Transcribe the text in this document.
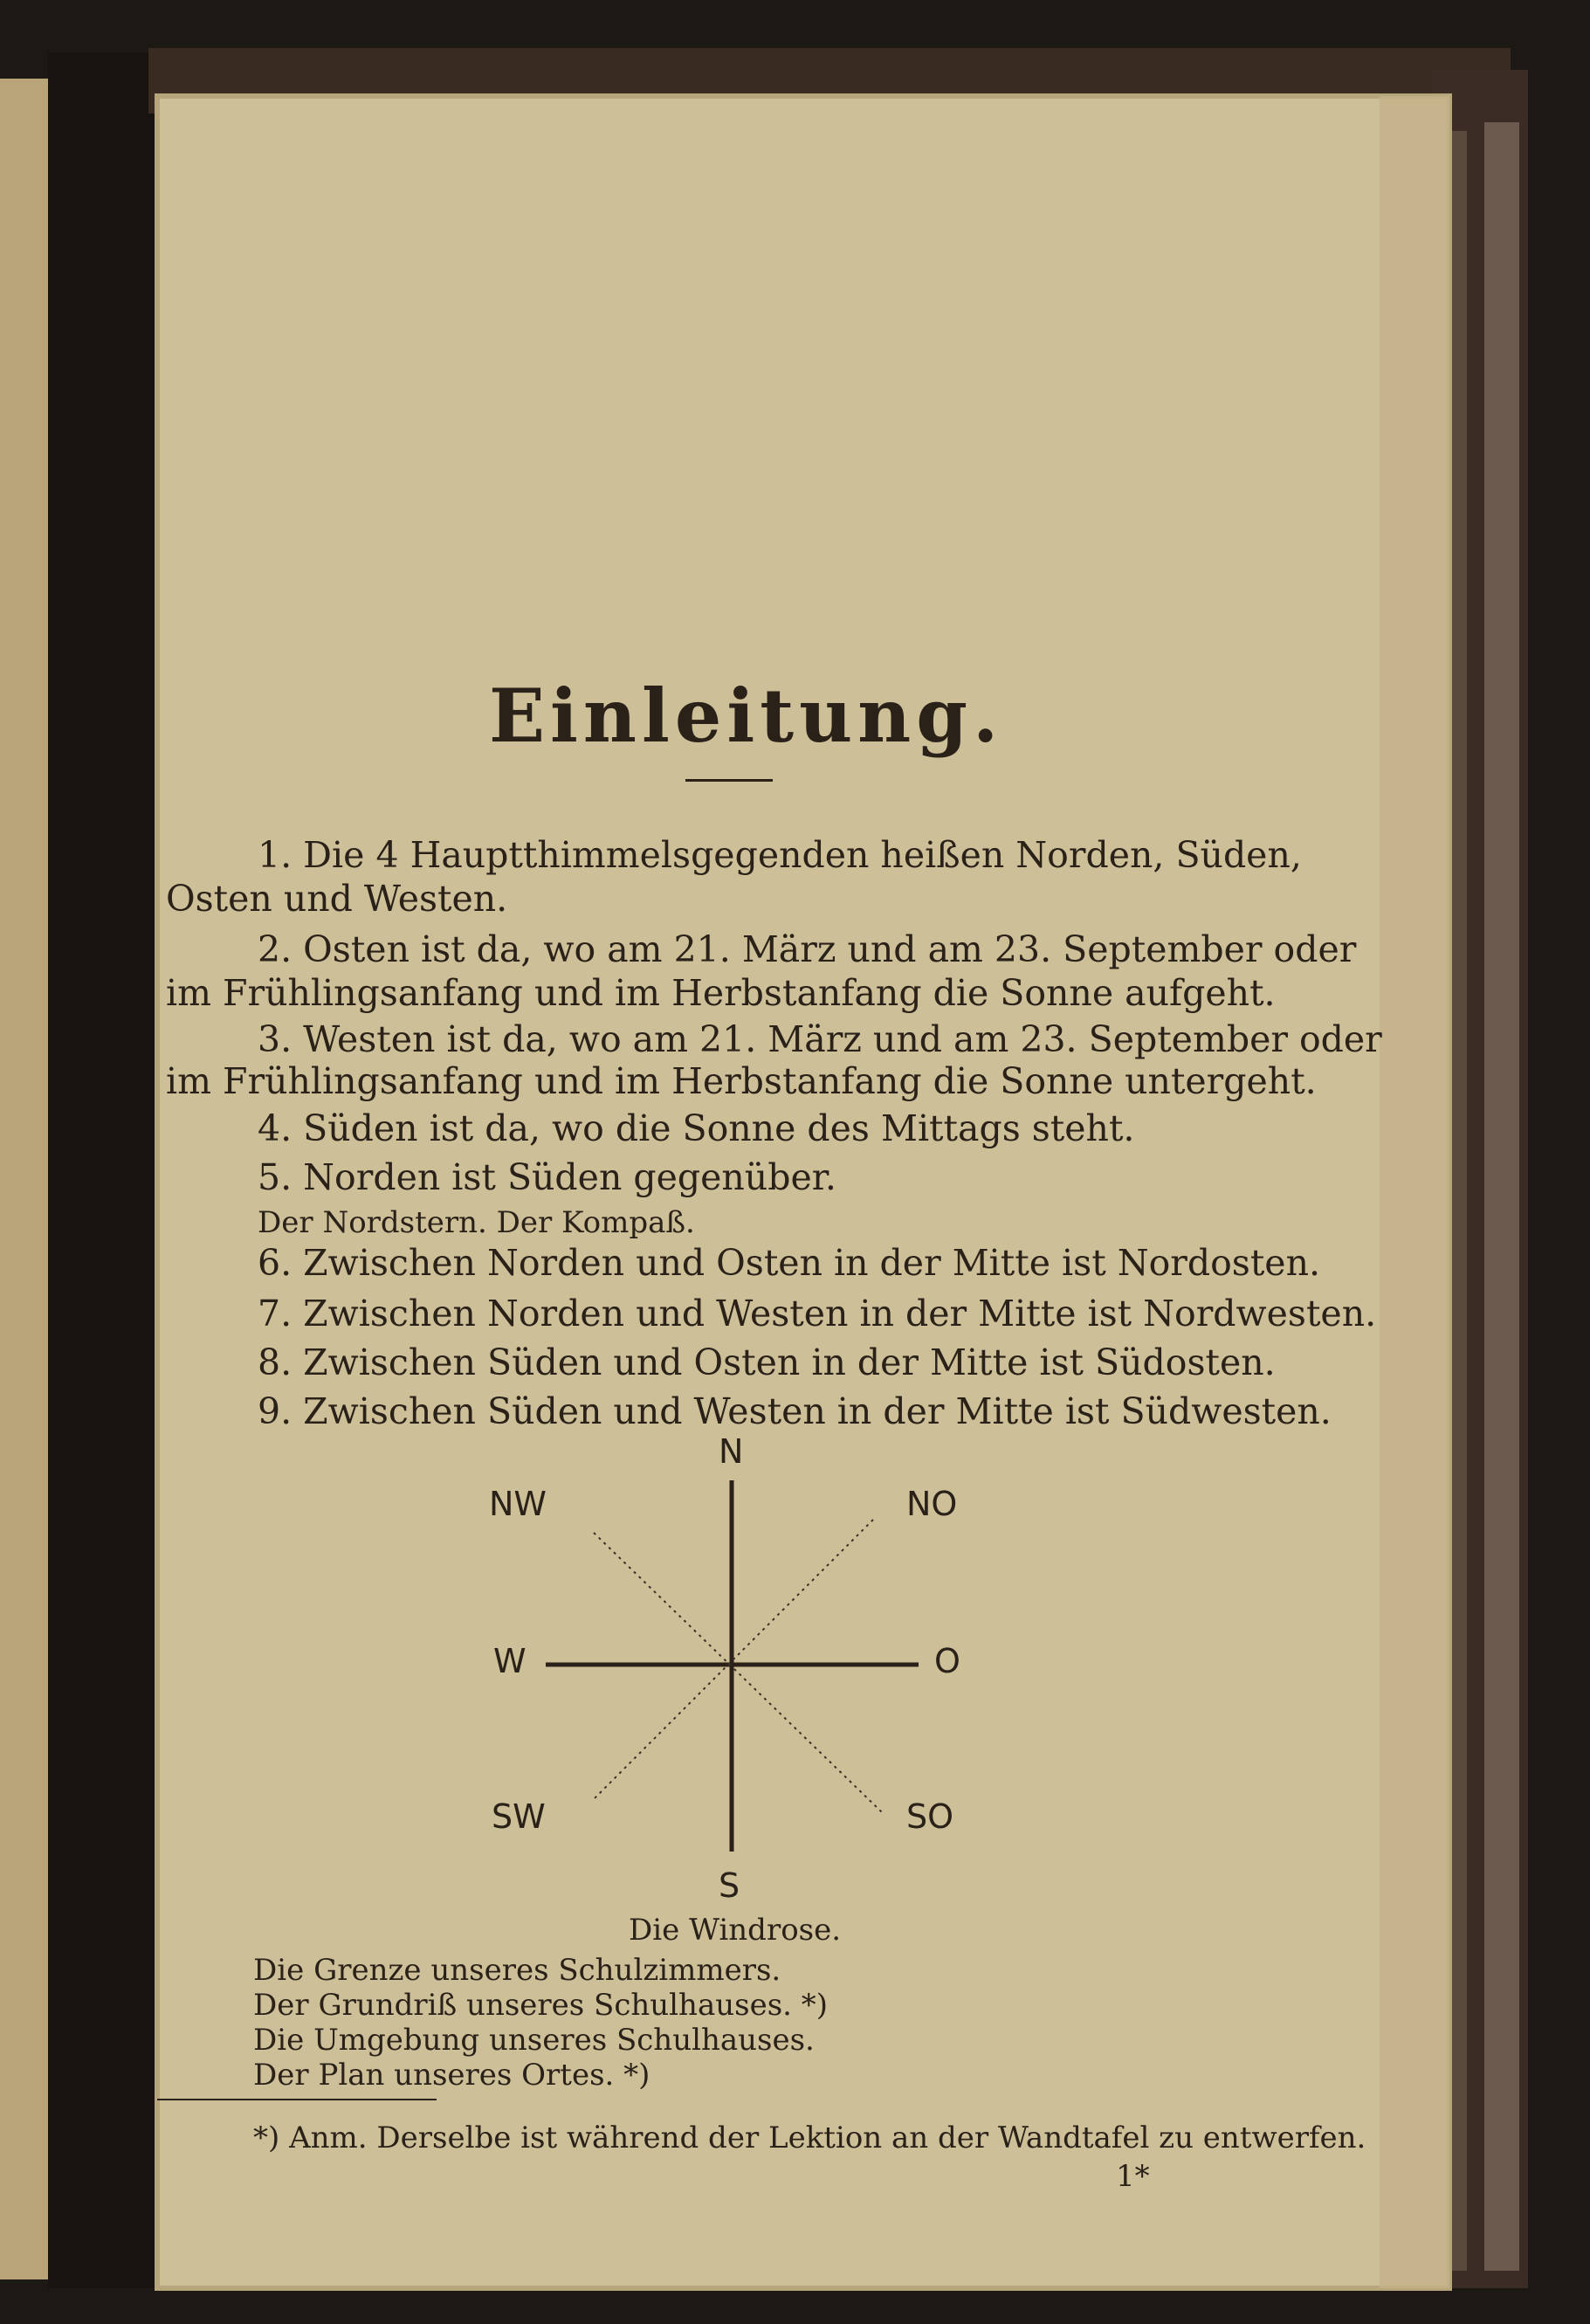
Einleitung.

1. Die 4 Hauptthimmelsgegenden heißen Norden, Süden,

Osten und Westen.

2. Osten ist da, wo am 21. März und am 23. September oder

im Frühlingsanfang und im Herbstanfang die Sonne aufgeht.

3. Westen ist da, wo am 21. März und am 23. September oder

im Frühlingsanfang und im Herbstanfang die Sonne untergeht.

4. Süden ist da, wo die Sonne des Mittags steht.

5. Norden ist Süden gegenüber.

Der Nordstern. Der Kompaß.

6. Zwischen Norden und Osten in der Mitte ist Nordosten.

7. Zwischen Norden und Westen in der Mitte ist Nordwesten.

8. Zwischen Süden und Osten in der Mitte ist Südosten.

9. Zwischen Süden und Westen in der Mitte ist Südwesten.

N
NW	NO
W	O
SW	SO
S

Die Windrose.

Die Grenze unseres Schulzimmers.

Der Grundriß unseres Schulhauses. *)

Die Umgebung unseres Schulhauses.

Der Plan unseres Ortes. *)

*) Anm. Derselbe ist während der Lektion an der Wandtafel zu entwerfen.

1*
